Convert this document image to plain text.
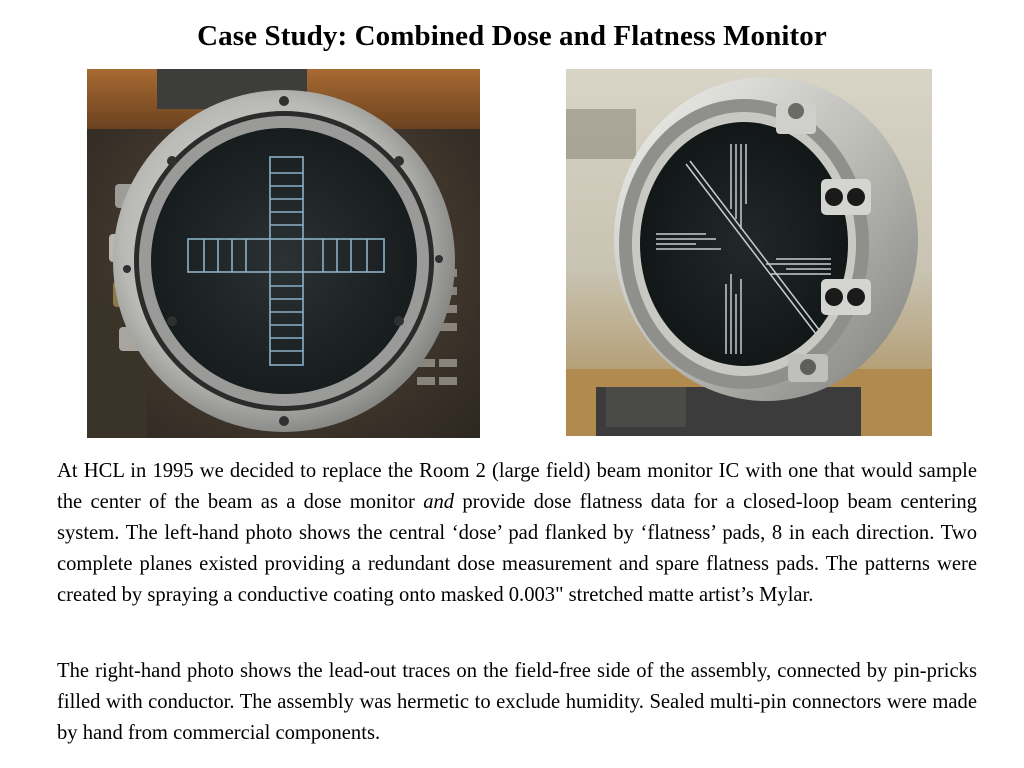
Case Study: Combined Dose and Flatness Monitor

At HCL in 1995 we decided to replace the Room 2 (large field) beam monitor IC with one that would sample the center of the beam as a dose monitor and provide dose flatness data for a closed-loop beam centering system. The left-hand photo shows the central ‘dose’ pad flanked by ‘flatness’ pads, 8 in each direction. Two complete planes existed providing a redundant dose measurement and spare flatness pads. The patterns were created by spraying a conductive coating onto masked 0.003" stretched matte artist’s Mylar.

The right-hand photo shows the lead-out traces on the field-free side of the assembly, connected by pin-pricks filled with conductor. The assembly was hermetic to exclude humidity. Sealed multi-pin connectors were made by hand from commercial components.
